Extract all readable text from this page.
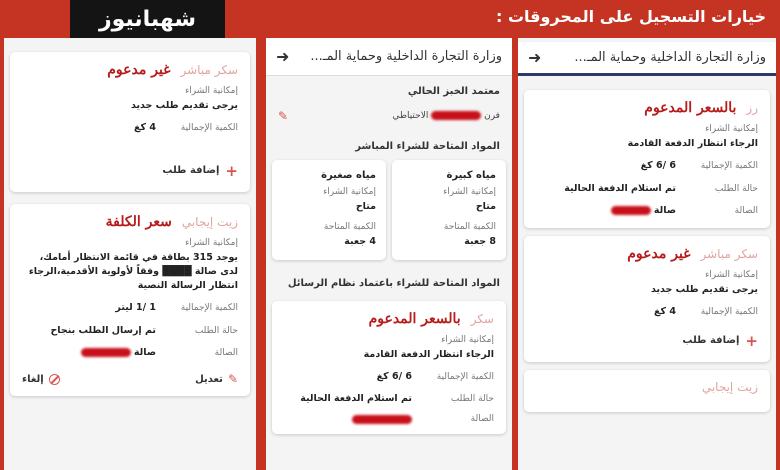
شهبانيوز	خيارات التسجيل على المحروقات :
وزارة التجارة الداخلية وحماية المـ...
➜
رز
بالسعر المدعوم
إمكانية الشراء
الرجاء انتظار الدفعة القادمة
الكمية الإجمالية
6 /6 كغ
حالة الطلب
تم استلام الدفعة الحالية
الصالة
صالة
سكر مباشر
غير مدعوم
إمكانية الشراء
يرجى تقديم طلب جديد
الكمية الإجمالية
4 كغ
+
إضافة طلب
زيت إيجابي
وزارة التجارة الداخلية وحماية المـ...
➜
معتمد الخبز الحالي
فرن  الاحتياطي
✎
المواد المتاحة للشراء المباشر
مياه كبيرة
إمكانية الشراء
متاح
الكمية المتاحة
8 جعبة
مياه صغيرة
إمكانية الشراء
متاح
الكمية المتاحة
4 جعبة
المواد المتاحة للشراء باعتماد نظام الرسائل
سكر
بالسعر المدعوم
إمكانية الشراء
الرجاء انتظار الدفعة القادمة
الكمية الإجمالية
6 /6 كغ
حالة الطلب
تم استلام الدفعة الحالية
الصالة
سكر مباشر
غير مدعوم
إمكانية الشراء
يرجى تقديم طلب جديد
الكمية الإجمالية
4 كغ
+
إضافة طلب
زيت إيجابي
سعر الكلفة
إمكانية الشراء
يوجد 315 بطاقة في قائمة الانتظار أمامك، لدى صالة ████ وفقاً لأولوية الأقدمية،الرجاء انتظار الرسالة النصية
الكمية الإجمالية
1 /1 ليتر
حالة الطلب
تم إرسال الطلب بنجاح
الصالة
صالة
✎
تعديل
إلغاء
